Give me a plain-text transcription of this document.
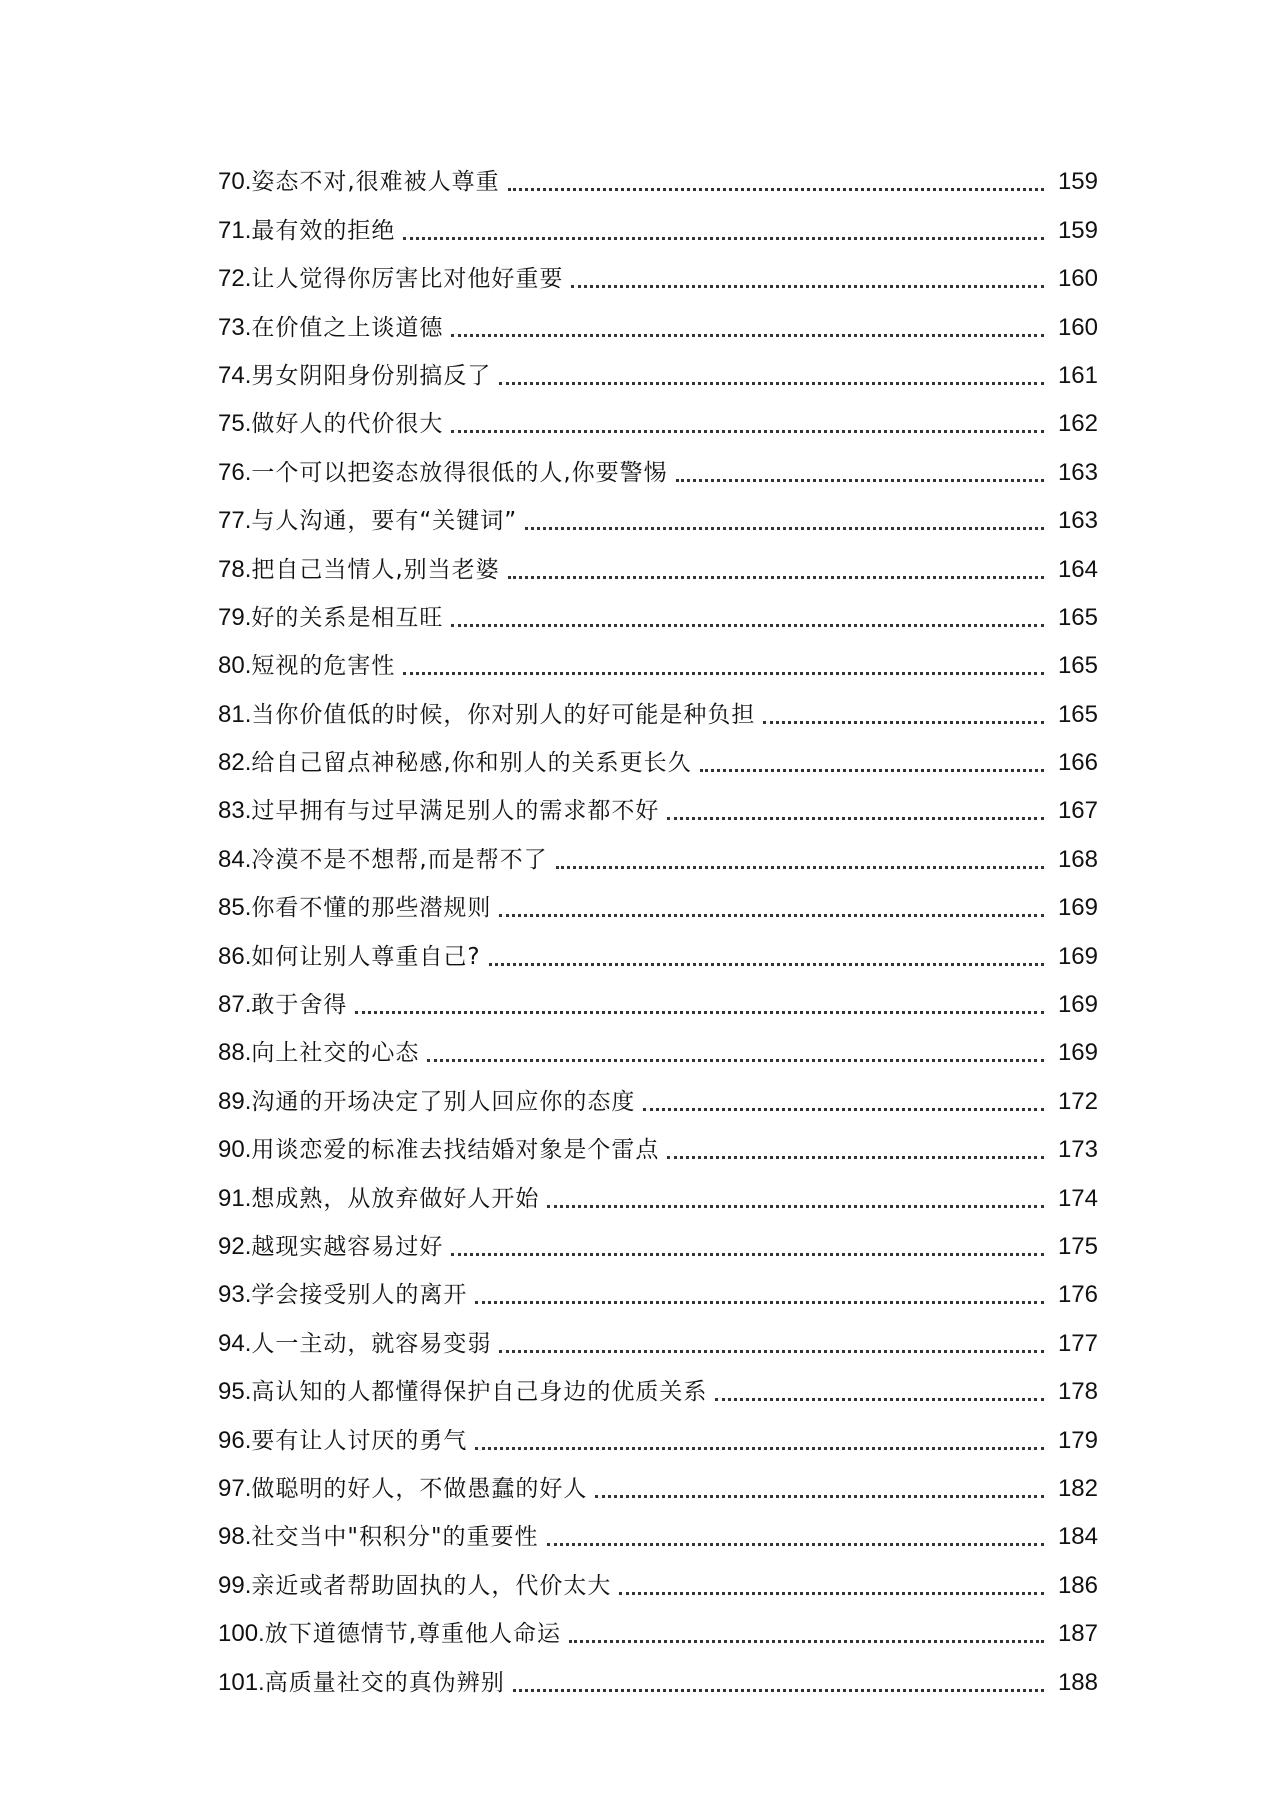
70. 姿态不对,很难被人尊重	159
71. 最有效的拒绝	159
72. 让人觉得你厉害比对他好重要	160
73. 在价值之上谈道德	160
74. 男女阴阳身份别搞反了	161
75. 做好人的代价很大	162
76. 一个可以把姿态放得很低的人,你要警惕	163
77. 与人沟通，要有“关键词”	163
78. 把自己当情人,别当老婆	164
79. 好的关系是相互旺	165
80. 短视的危害性	165
81. 当你价值低的时候，你对别人的好可能是种负担	165
82. 给自己留点神秘感,你和别人的关系更长久	166
83. 过早拥有与过早满足别人的需求都不好	167
84. 冷漠不是不想帮,而是帮不了	168
85. 你看不懂的那些潜规则	169
86. 如何让别人尊重自己?	169
87. 敢于舍得	169
88. 向上社交的心态	169
89. 沟通的开场决定了别人回应你的态度	172
90. 用谈恋爱的标准去找结婚对象是个雷点	173
91. 想成熟，从放弃做好人开始	174
92. 越现实越容易过好	175
93. 学会接受别人的离开	176
94. 人一主动，就容易变弱	177
95. 高认知的人都懂得保护自己身边的优质关系	178
96. 要有让人讨厌的勇气	179
97. 做聪明的好人，不做愚蠢的好人	182
98. 社交当中"积积分"的重要性	184
99. 亲近或者帮助固执的人，代价太大	186
100. 放下道德情节,尊重他人命运	187
101. 高质量社交的真伪辨别	188
